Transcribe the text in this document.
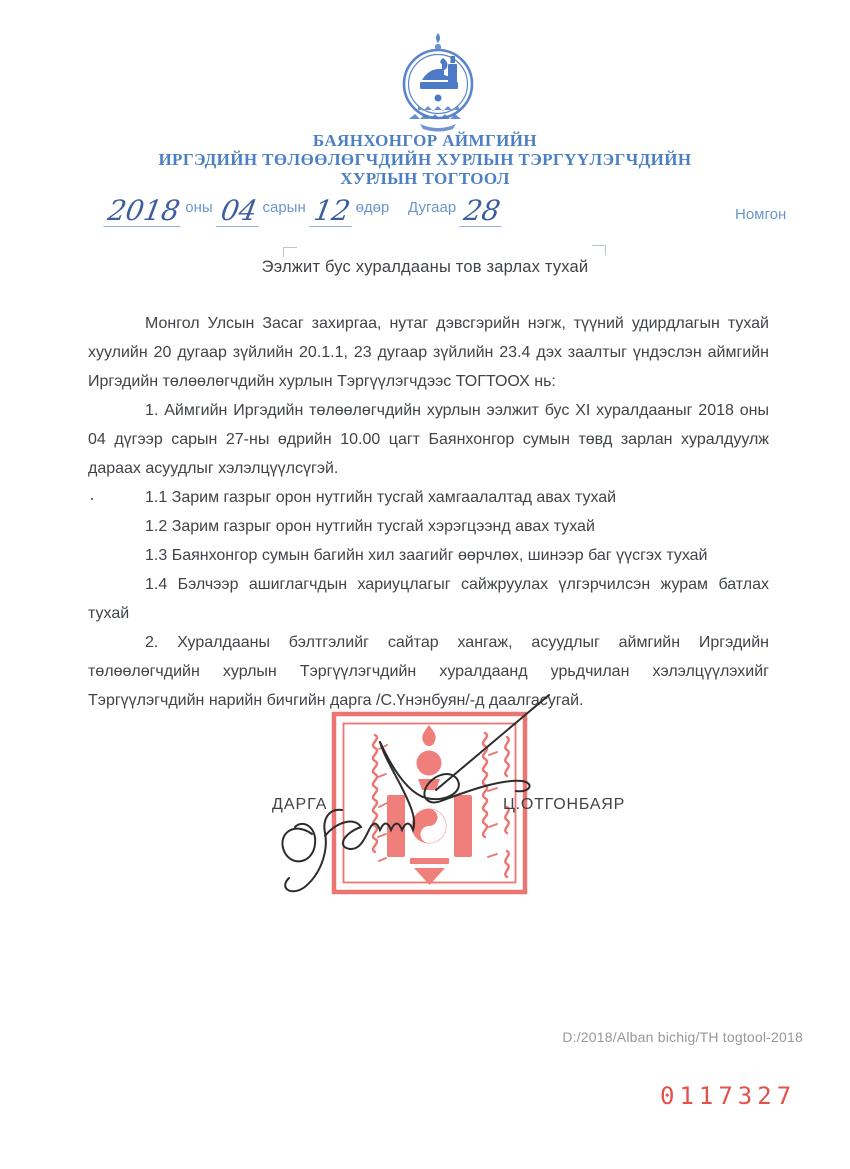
БАЯНХОНГОР АЙМГИЙН
ИРГЭДИЙН ТӨЛӨӨЛӨГЧДИЙН ХУРЛЫН ТЭРГҮҮЛЭГЧДИЙН
ХУРЛЫН ТОГТООЛ
2018 оны 04 сарын 12 өдөр Дугаар 28	Номгон
Ээлжит бус хуралдааны тов зарлах тухай
·

Монгол Улсын Засаг захиргаа, нутаг дэвсгэрийн нэгж, түүний удирдлагын тухай хуулийн 20 дугаар зүйлийн 20.1.1, 23 дугаар зүйлийн 23.4 дэх заалтыг үндэслэн аймгийн Иргэдийн төлөөлөгчдийн хурлын Тэргүүлэгчдээс ТОГТООХ нь:

1. Аймгийн Иргэдийн төлөөлөгчдийн хурлын ээлжит бус XI хуралдааныг 2018 оны 04 дүгээр сарын 27-ны өдрийн 10.00 цагт Баянхонгор сумын төвд зарлан хуралдуулж дараах асуудлыг хэлэлцүүлсүгэй.

1.1 Зарим газрыг орон нутгийн тусгай хамгаалалтад авах тухай

1.2 Зарим газрыг орон нутгийн тусгай хэрэгцээнд авах тухай

1.3 Баянхонгор сумын багийн хил заагийг өөрчлөх, шинээр баг үүсгэх тухай

1.4 Бэлчээр ашиглагчдын хариуцлагыг сайжруулах үлгэрчилсэн журам батлах тухай

2. Хуралдааны бэлтгэлийг сайтар хангаж, асуудлыг аймгийн Иргэдийн төлөөлөгчдийн хурлын Тэргүүлэгчдийн хуралдаанд урьдчилан хэлэлцүүлэхийг Тэргүүлэгчдийн нарийн бичгийн дарга /С.Үнэнбуян/-д даалгасугай.

ДАРГА	Ц.ОТГОНБАЯР
D:/2018/Alban bichig/TH togtool-2018
0117327
